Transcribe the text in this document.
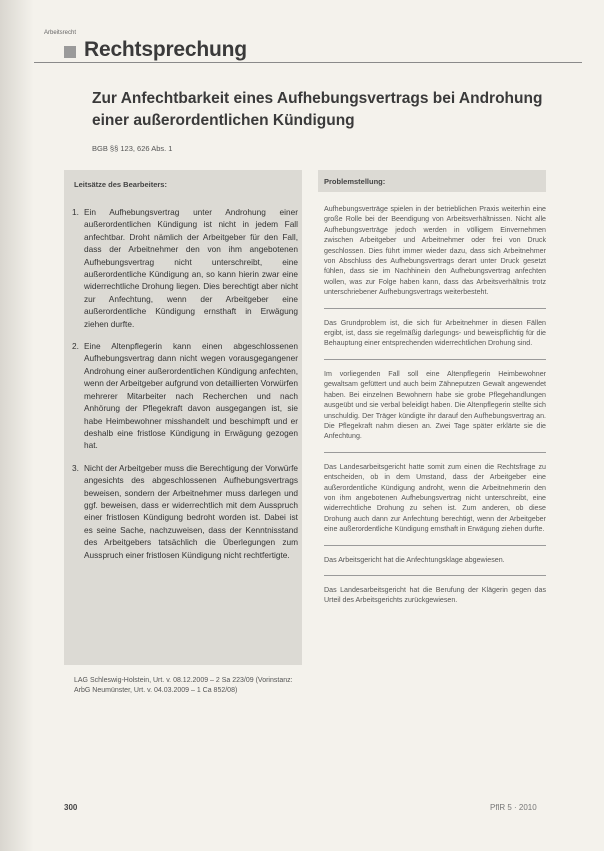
Arbeitsrecht
Rechtsprechung
Zur Anfechtbarkeit eines Aufhebungsvertrags bei Androhung einer außerordentlichen Kündigung
BGB §§ 123, 626 Abs. 1
Leitsätze des Bearbeiters:
1. Ein Aufhebungsvertrag unter Androhung einer außerordentlichen Kündigung ist nicht in jedem Fall anfechtbar. Droht nämlich der Arbeitgeber für den Fall, dass der Arbeitnehmer den von ihm angebotenen Aufhebungsvertrag nicht unterschreibt, eine außerordentliche Kündigung an, so kann hierin zwar eine widerrechtliche Drohung liegen. Dies berechtigt aber nicht zur Anfechtung, wenn der Arbeitgeber eine außerordentliche Kündigung ernsthaft in Erwägung ziehen durfte.
2. Eine Altenpflegerin kann einen abgeschlossenen Aufhebungsvertrag dann nicht wegen vorausgegangener Androhung einer außerordentlichen Kündigung anfechten, wenn der Arbeitgeber aufgrund von detaillierten Vorwürfen mehrerer Mitarbeiter nach Recherchen und nach Anhörung der Pflegekraft davon ausgegangen ist, sie habe Heimbewohner misshandelt und beschimpft und er deshalb eine fristlose Kündigung in Erwägung gezogen hat.
3. Nicht der Arbeitgeber muss die Berechtigung der Vorwürfe angesichts des abgeschlossenen Aufhebungsvertrags beweisen, sondern der Arbeitnehmer muss darlegen und ggf. beweisen, dass er widerrechtlich mit dem Ausspruch einer fristlosen Kündigung bedroht worden ist. Dabei ist es seine Sache, nachzuweisen, dass der Kenntnisstand des Arbeitgebers tatsächlich die Überlegungen zum Ausspruch einer fristlosen Kündigung nicht rechtfertigte.
LAG Schleswig-Holstein, Urt. v. 08.12.2009 – 2 Sa 223/09 (Vorinstanz: ArbG Neumünster, Urt. v. 04.03.2009 – 1 Ca 852/08)
Problemstellung:

Aufhebungsverträge spielen in der betrieblichen Praxis weiterhin eine große Rolle bei der Beendigung von Arbeitsverhältnissen. Nicht alle Aufhebungsverträge jedoch werden in völligem Einvernehmen zwischen Arbeitgeber und Arbeitnehmer oder frei von Druck geschlossen. Dies führt immer wieder dazu, dass sich Arbeitnehmer von Abschluss des Aufhebungsvertrags derart unter Druck gesetzt fühlen, dass sie im Nachhinein den Aufhebungsvertrag anfechten wollen, was zur Folge haben kann, dass das Arbeitsverhältnis trotz unterschriebener Aufhebungsvertrags weiterbesteht.

Das Grundproblem ist, die sich für Arbeitnehmer in diesen Fällen ergibt, ist, dass sie regelmäßig darlegungs- und beweispflichtig für die Behauptung einer entsprechenden widerrechtlichen Drohung sind.

Im vorliegenden Fall soll eine Altenpflegerin Heimbewohner gewaltsam gefüttert und auch beim Zähneputzen Gewalt angewendet haben. Bei einzelnen Bewohnern habe sie grobe Pflegehandlungen ausgeübt und sie verbal beleidigt haben. Die Altenpflegerin stellte sich unschuldig. Der Träger kündigte ihr darauf den Aufhebungsvertrag an. Die Pflegekraft nahm diesen an. Zwei Tage später erklärte sie die Anfechtung.

Das Landesarbeitsgericht hatte somit zum einen die Rechtsfrage zu entscheiden, ob in dem Umstand, dass der Arbeitgeber eine außerordentliche Kündigung androht, wenn die Arbeitnehmerin den von ihm angebotenen Aufhebungsvertrag nicht unterschreibt, eine widerrechtliche Drohung zu sehen ist. Zum anderen, ob diese Drohung auch dann zur Anfechtung berechtigt, wenn der Arbeitgeber eine außerordentliche Kündigung ernsthaft in Erwägung ziehen durfte.

Das Arbeitsgericht hat die Anfechtungsklage abgewiesen.

Das Landesarbeitsgericht hat die Berufung der Klägerin gegen das Urteil des Arbeitsgerichts zurückgewiesen.

300	PflR 5 · 2010
